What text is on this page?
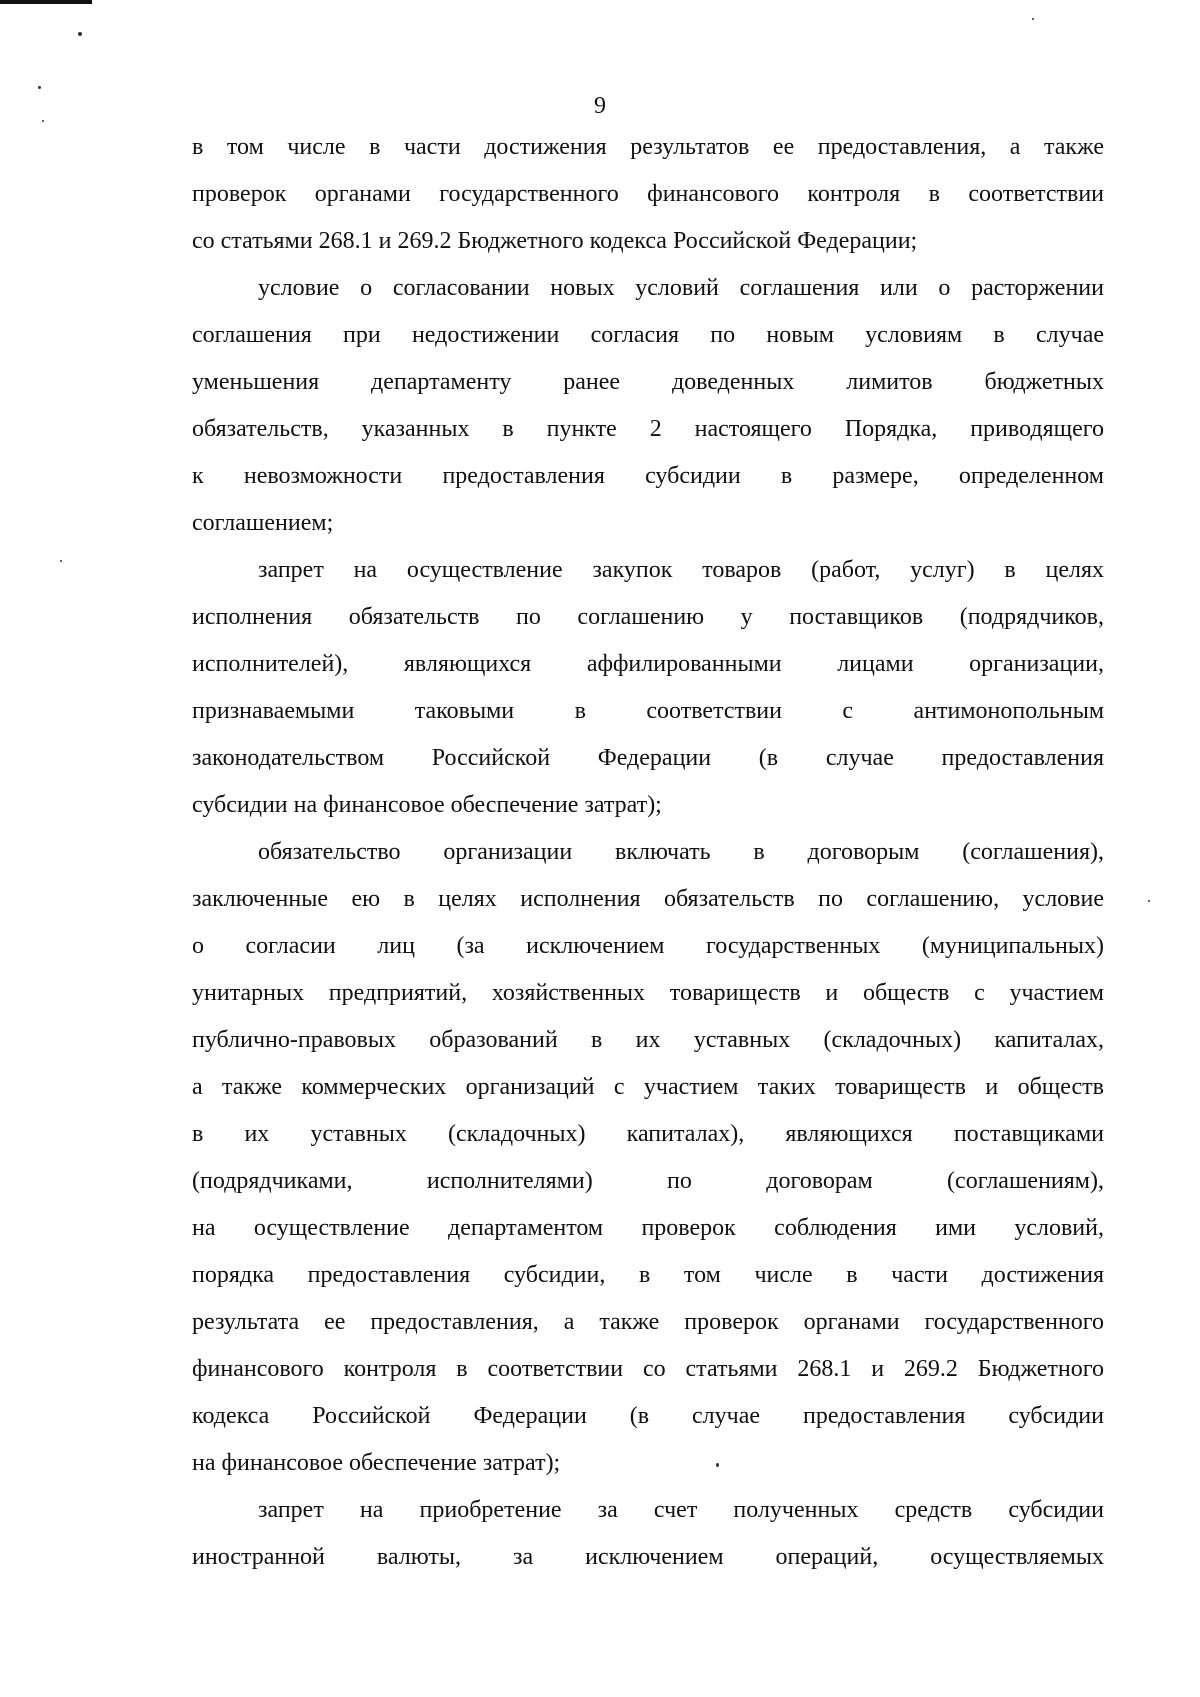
9
в том числе в части достижения результатов ее предоставления, а также
проверок органами государственного финансового контроля в соответствии
со статьями 268.1 и 269.2 Бюджетного кодекса Российской Федерации;
условие о согласовании новых условий соглашения или о расторжении
соглашения при недостижении согласия по новым условиям в случае
уменьшения департаменту ранее доведенных лимитов бюджетных
обязательств, указанных в пункте 2 настоящего Порядка, приводящего
к невозможности предоставления субсидии в размере, определенном
соглашением;
запрет на осуществление закупок товаров (работ, услуг) в целях
исполнения обязательств по соглашению у поставщиков (подрядчиков,
исполнителей), являющихся аффилированными лицами организации,
признаваемыми таковыми в соответствии с антимонопольным
законодательством Российской Федерации (в случае предоставления
субсидии на финансовое обеспечение затрат);
обязательство организации включать в договорым (соглашения),
заключенные ею в целях исполнения обязательств по соглашению, условие
о согласии лиц (за исключением государственных (муниципальных)
унитарных предприятий, хозяйственных товариществ и обществ с участием
публично-правовых образований в их уставных (складочных) капиталах,
а также коммерческих организаций с участием таких товариществ и обществ
в их уставных (складочных) капиталах), являющихся поставщиками
(подрядчиками, исполнителями) по договорам (соглашениям),
на осуществление департаментом проверок соблюдения ими условий,
порядка предоставления субсидии, в том числе в части достижения
результата ее предоставления, а также проверок органами государственного
финансового контроля в соответствии со статьями 268.1 и 269.2 Бюджетного
кодекса Российской Федерации (в случае предоставления субсидии
на финансовое обеспечение затрат);
запрет на приобретение за счет полученных средств субсидии
иностранной валюты, за исключением операций, осуществляемых
